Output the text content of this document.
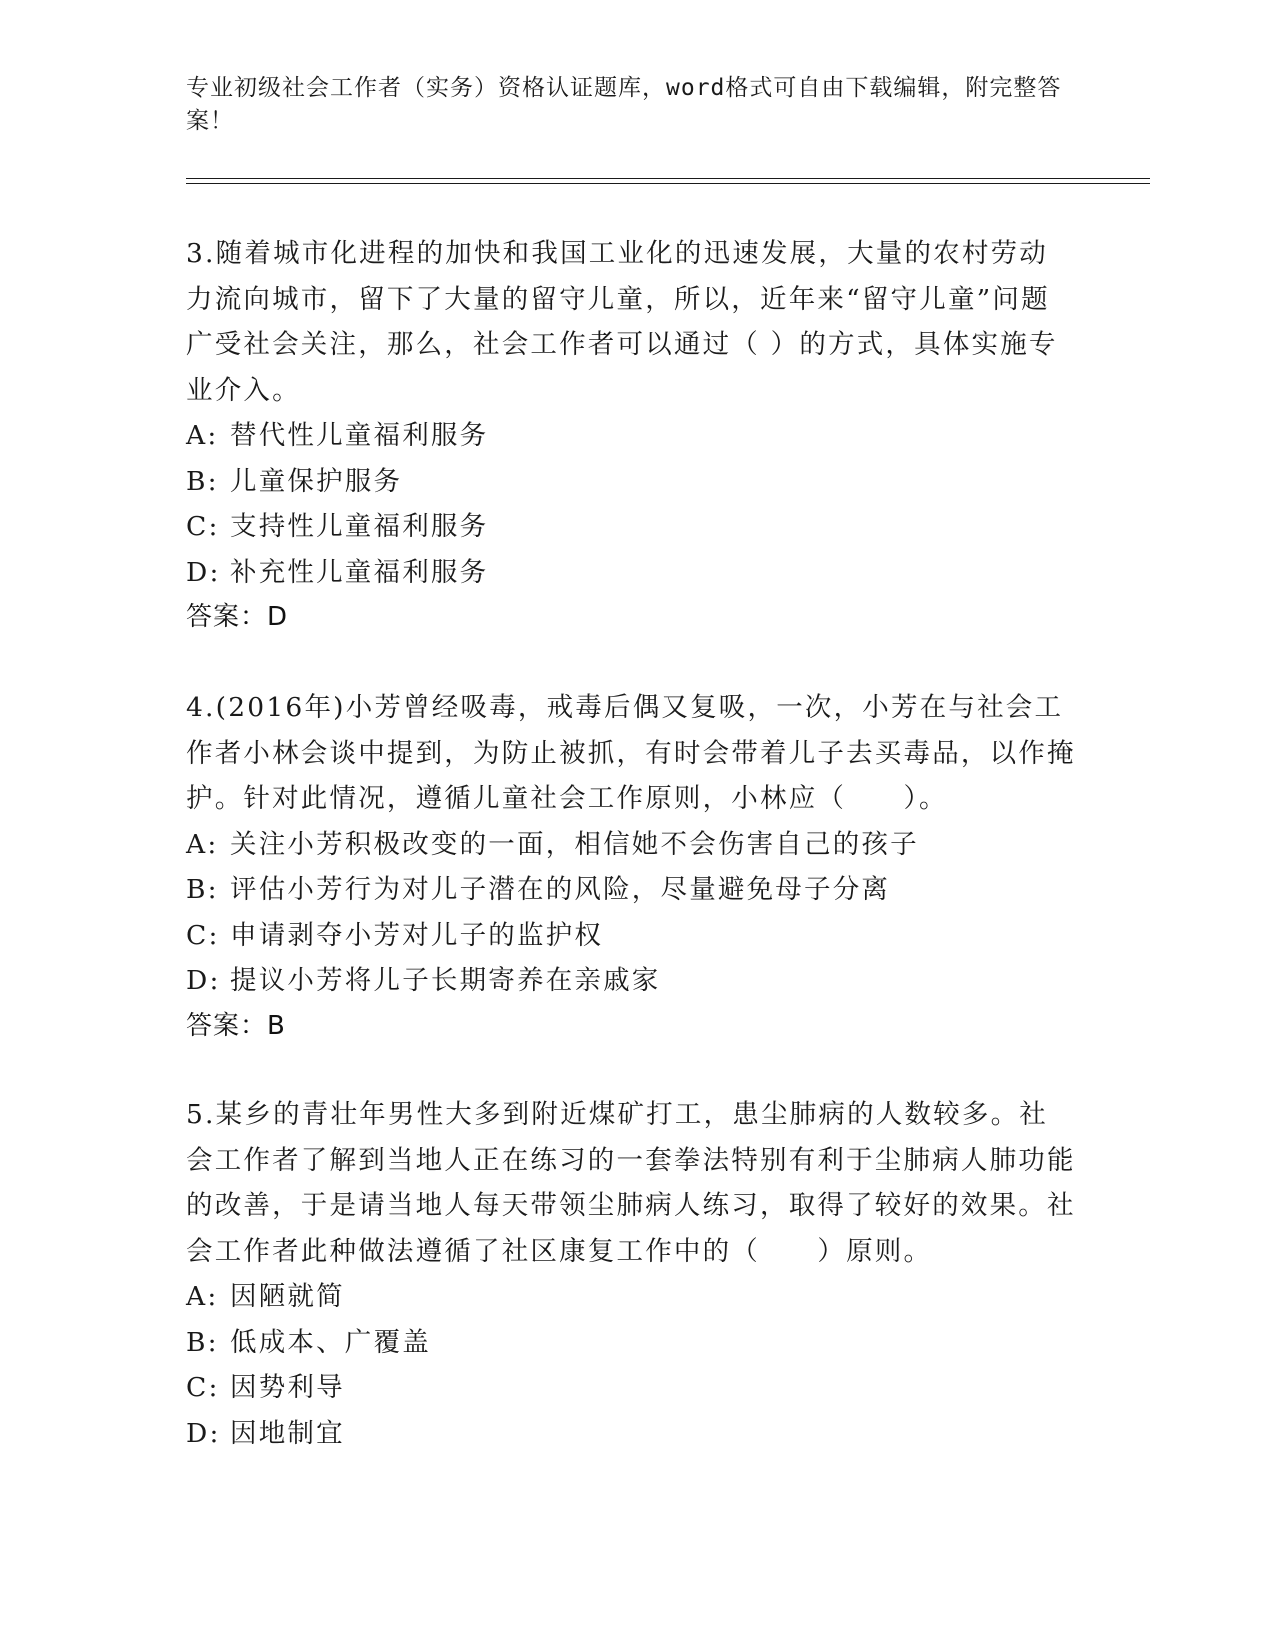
专业初级社会工作者（实务）资格认证题库，word格式可自由下载编辑，附完整答案！

3.随着城市化进程的加快和我国工业化的迅速发展，大量的农村劳动力流向城市，留下了大量的留守儿童，所以，近年来“留守儿童”问题广受社会关注，那么，社会工作者可以通过（ ）的方式，具体实施专业介入。

A: 替代性儿童福利服务

B: 儿童保护服务

C: 支持性儿童福利服务

D: 补充性儿童福利服务

答案：D

4.(2016年)小芳曾经吸毒，戒毒后偶又复吸，一次，小芳在与社会工作者小林会谈中提到，为防止被抓，有时会带着儿子去买毒品，以作掩护。针对此情况，遵循儿童社会工作原则，小林应（　　）。

A: 关注小芳积极改变的一面，相信她不会伤害自己的孩子

B: 评估小芳行为对儿子潜在的风险，尽量避免母子分离

C: 申请剥夺小芳对儿子的监护权

D: 提议小芳将儿子长期寄养在亲戚家

答案：B

5.某乡的青壮年男性大多到附近煤矿打工，患尘肺病的人数较多。社会工作者了解到当地人正在练习的一套拳法特别有利于尘肺病人肺功能的改善，于是请当地人每天带领尘肺病人练习，取得了较好的效果。社会工作者此种做法遵循了社区康复工作中的（　　）原则。

A: 因陋就简

B: 低成本、广覆盖

C: 因势利导

D: 因地制宜
